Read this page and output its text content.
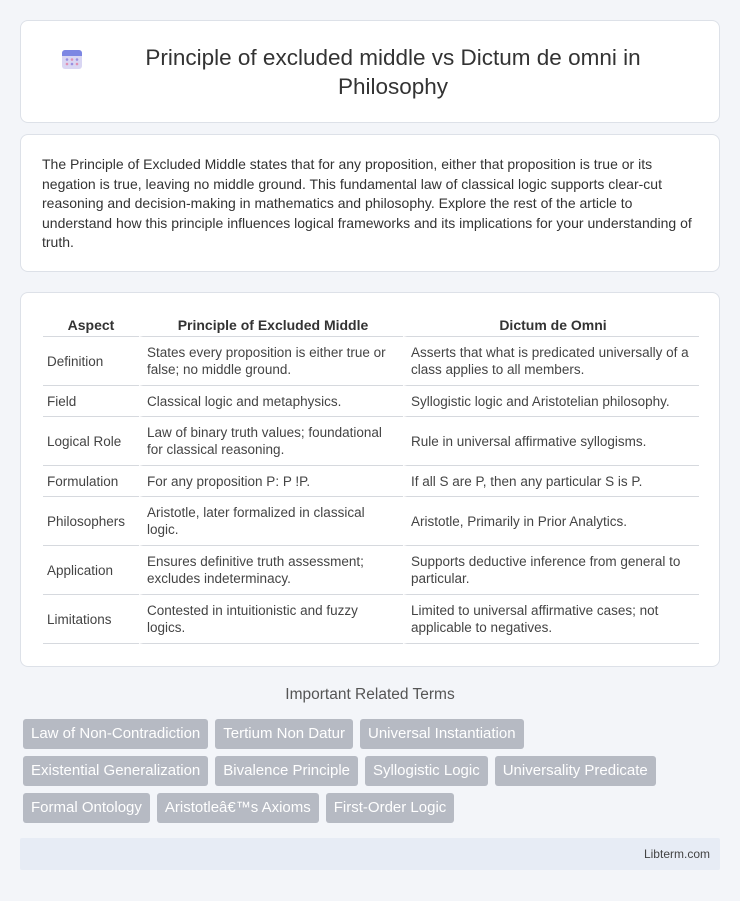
Principle of excluded middle vs Dictum de omni in Philosophy

The Principle of Excluded Middle states that for any proposition, either that proposition is true or its negation is true, leaving no middle ground. This fundamental law of classical logic supports clear-cut reasoning and decision-making in mathematics and philosophy. Explore the rest of the article to understand how this principle influences logical frameworks and its implications for your understanding of truth.

Aspect	Principle of Excluded Middle	Dictum de Omni
Definition	States every proposition is either true or false; no middle ground.	Asserts that what is predicated universally of a class applies to all members.
Field	Classical logic and metaphysics.	Syllogistic logic and Aristotelian philosophy.
Logical Role	Law of binary truth values; foundational for classical reasoning.	Rule in universal affirmative syllogisms.
Formulation	For any proposition P: P !P.	If all S are P, then any particular S is P.
Philosophers	Aristotle, later formalized in classical logic.	Aristotle, Primarily in Prior Analytics.
Application	Ensures definitive truth assessment; excludes indeterminacy.	Supports deductive inference from general to particular.
Limitations	Contested in intuitionistic and fuzzy logics.	Limited to universal affirmative cases; not applicable to negatives.
Important Related Terms
Law of Non-Contradiction	Tertium Non Datur	Universal Instantiation
Existential Generalization	Bivalence Principle	Syllogistic Logic	Universality Predicate
Formal Ontology	Aristotleâ€™s Axioms	First-Order Logic
Libterm.com
